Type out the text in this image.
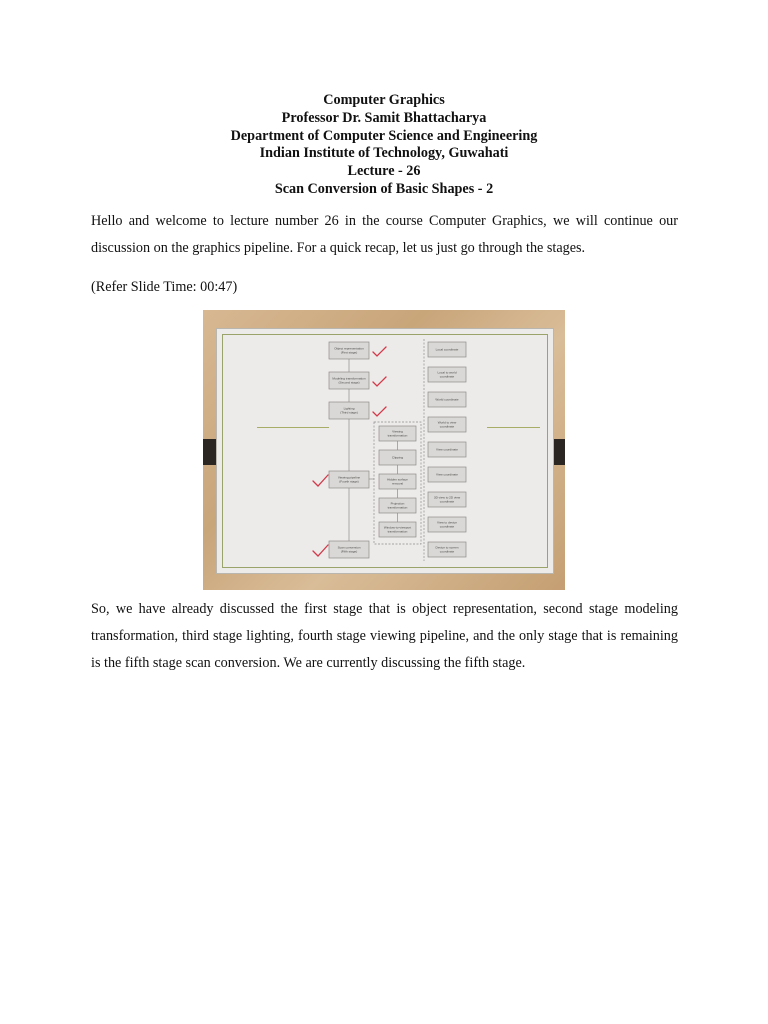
Computer Graphics
Professor Dr. Samit Bhattacharya
Department of Computer Science and Engineering
Indian Institute of Technology, Guwahati
Lecture - 26
Scan Conversion of Basic Shapes - 2

Hello and welcome to lecture number 26 in the course Computer Graphics, we will continue our discussion on the graphics pipeline. For a quick recap, let us just go through the stages.

(Refer Slide Time: 00:47)

Object representation
(First stage)
Modeling transformation
(Second stage)
Lighting
(Third stage)
Viewing pipeline
(Fourth stage)
Scan conversion
(Fifth stage)
Viewing
transformation
Clipping
Hidden surface
removal
Projection
transformation
Window-to-viewport
transformation
Local coordinate
Local to world
coordinate
World coordinate
World to view
coordinate
View coordinate
View coordinate
3D view to 2D view
coordinate
View to device
coordinate
Device to screen
coordinate

So, we have already discussed the first stage that is object representation, second stage modeling transformation, third stage lighting, fourth stage viewing pipeline, and the only stage that is remaining is the fifth stage scan conversion. We are currently discussing the fifth stage.
